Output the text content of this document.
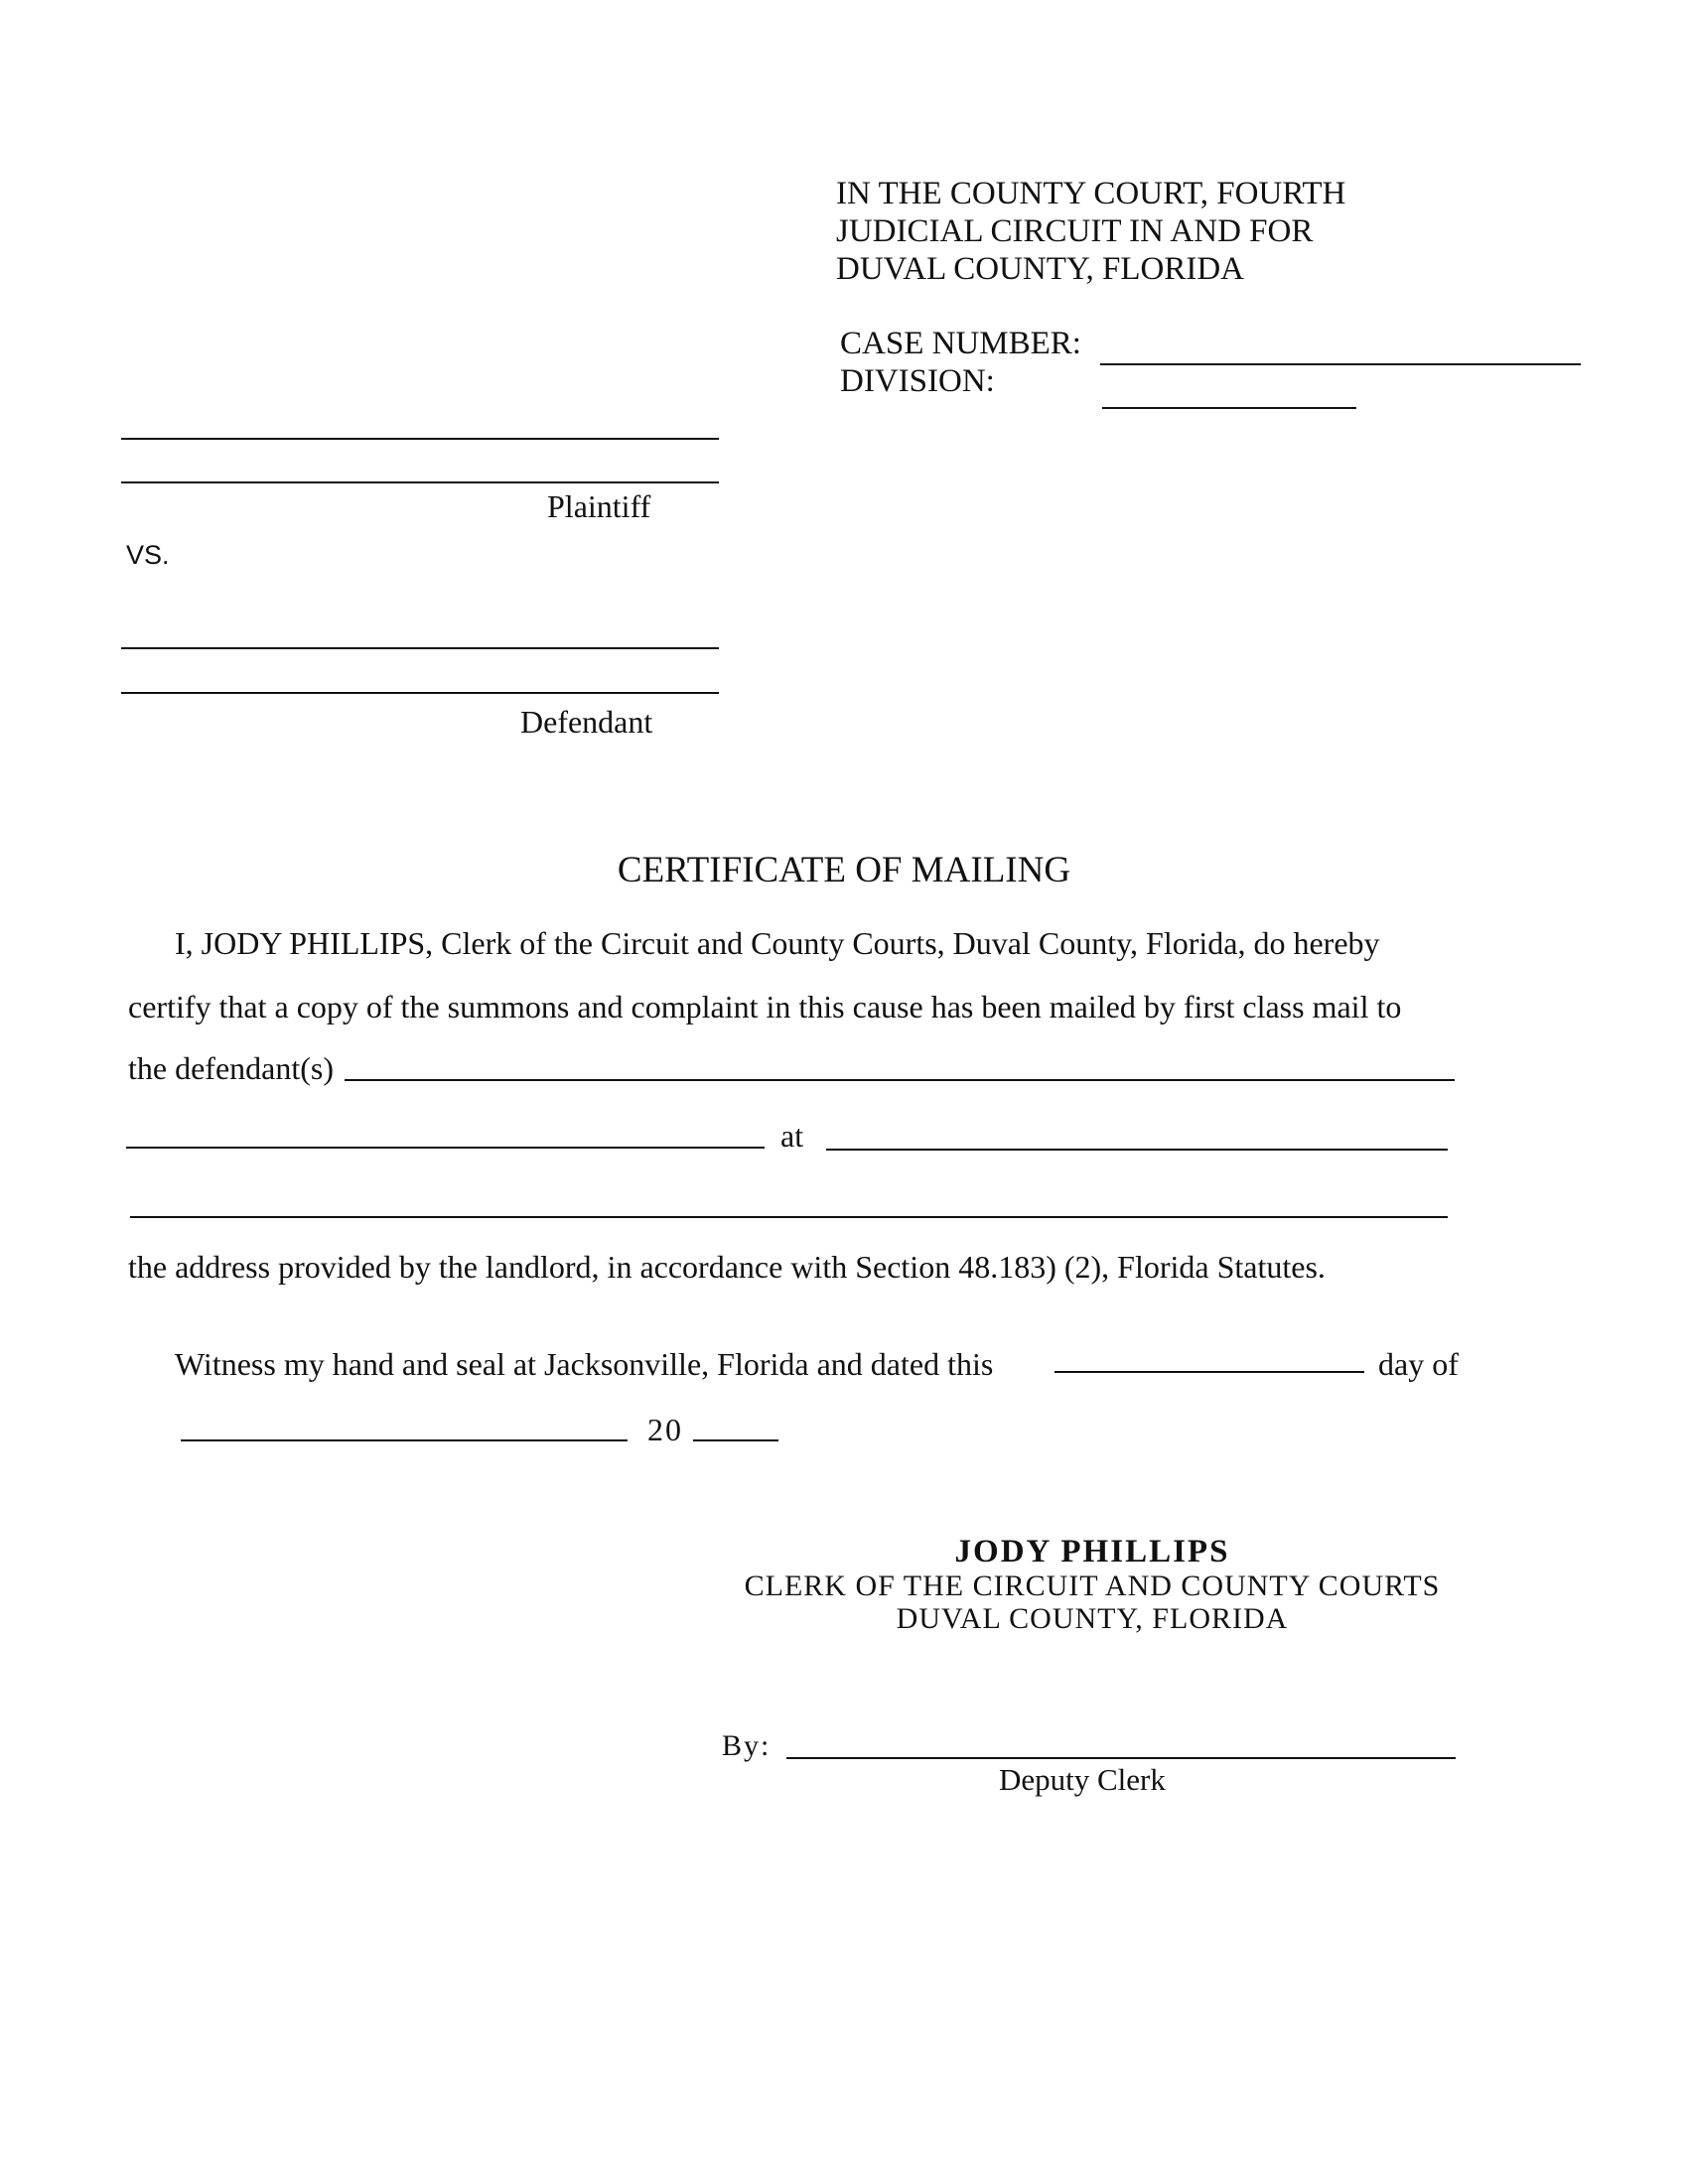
IN THE COUNTY COURT, FOURTH
JUDICIAL CIRCUIT IN AND FOR
DUVAL COUNTY, FLORIDA
CASE NUMBER:
DIVISION:
Plaintiff
VS.
Defendant
CERTIFICATE OF MAILING
I, JODY PHILLIPS, Clerk of the Circuit and County Courts, Duval County, Florida, do hereby
certify that a copy of the summons and complaint in this cause has been mailed by first class mail to
the defendant(s)
at
the address provided by the landlord, in accordance with Section 48.183) (2), Florida Statutes.
Witness my hand and seal at Jacksonville, Florida and dated this	day of
20
JODY PHILLIPS
CLERK OF THE CIRCUIT AND COUNTY COURTS
DUVAL COUNTY, FLORIDA
By:
Deputy Clerk
